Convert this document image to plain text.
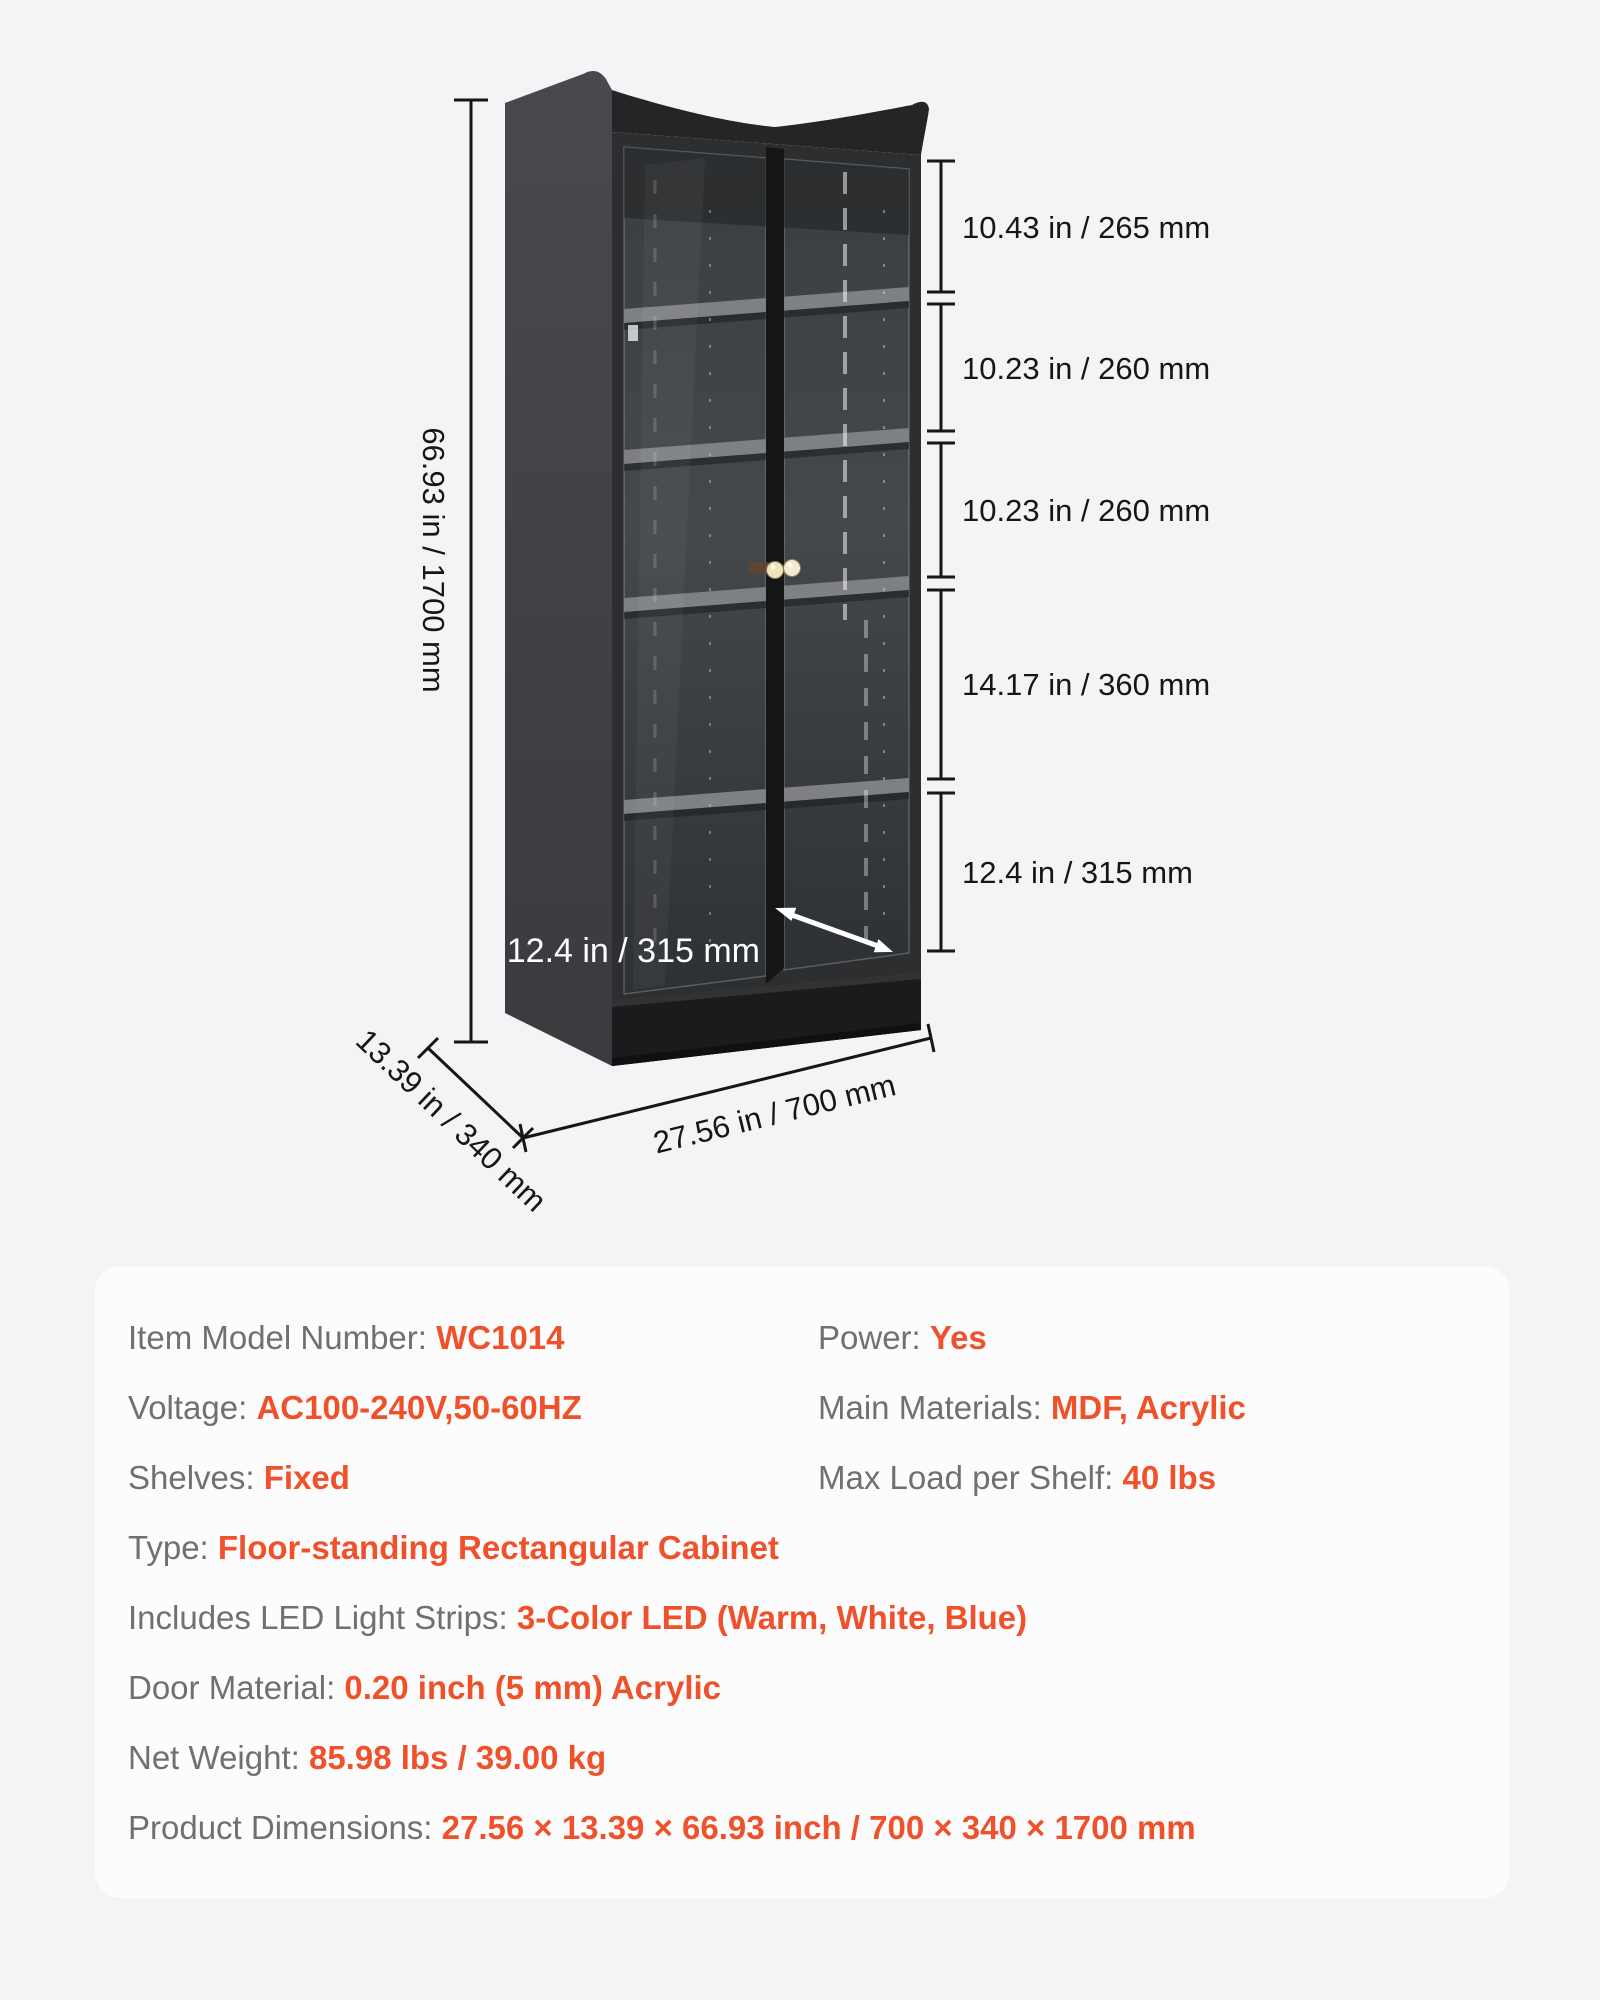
66.93 in / 1700 mm
10.43 in / 265 mm
10.23 in / 260 mm
10.23 in / 260 mm
14.17 in / 360 mm
12.4 in / 315 mm
13.39 in / 340 mm	27.56 in / 700 mm
12.4 in / 315 mm
Item Model Number: WC1014	Power: Yes
Voltage: AC100-240V,50-60HZ	Main Materials: MDF, Acrylic
Shelves: Fixed	Max Load per Shelf: 40 lbs
Type: Floor-standing Rectangular Cabinet
Includes LED Light Strips: 3-Color LED (Warm, White, Blue)
Door Material: 0.20 inch (5 mm) Acrylic
Net Weight: 85.98 lbs / 39.00 kg
Product Dimensions: 27.56 × 13.39 × 66.93 inch / 700 × 340 × 1700 mm
